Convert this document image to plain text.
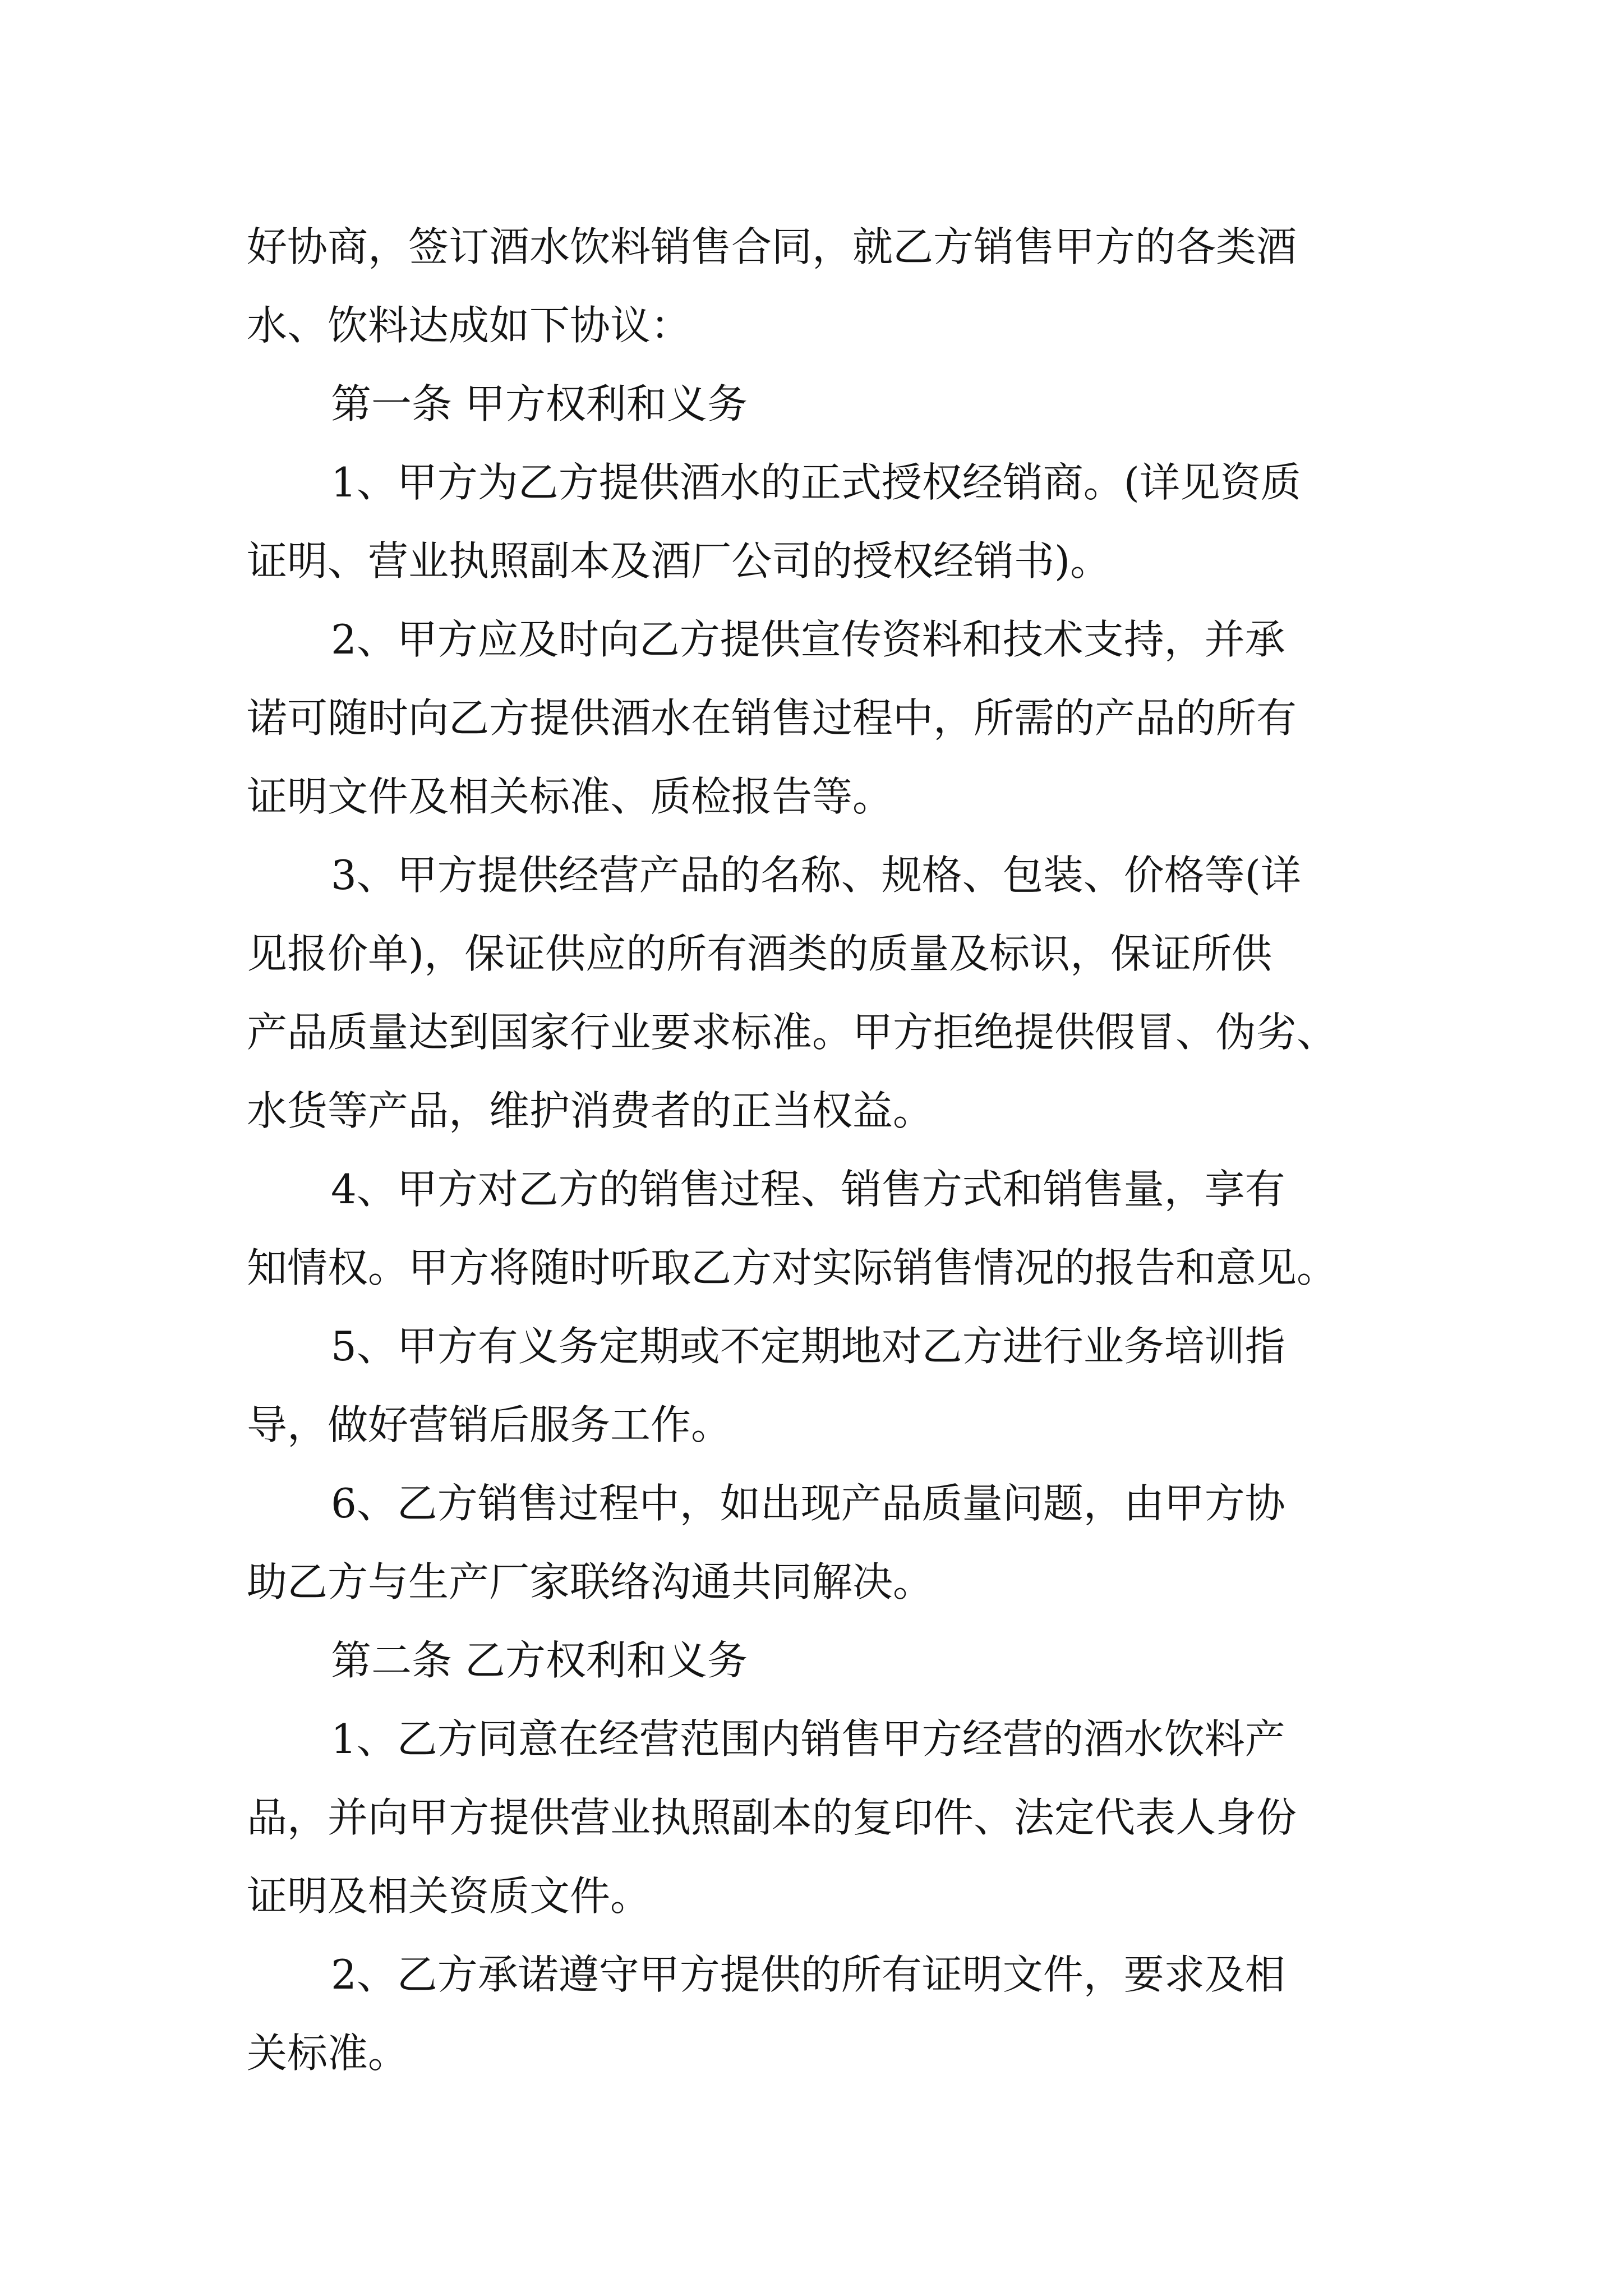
好协商，签订酒水饮料销售合同，就乙方销售甲方的各类酒
水、饮料达成如下协议：
第一条 甲方权利和义务
1、甲方为乙方提供酒水的正式授权经销商。(详见资质
证明、营业执照副本及酒厂公司的授权经销书)。
2、甲方应及时向乙方提供宣传资料和技术支持，并承
诺可随时向乙方提供酒水在销售过程中，所需的产品的所有
证明文件及相关标准、质检报告等。
3、甲方提供经营产品的名称、规格、包装、价格等(详
见报价单)，保证供应的所有酒类的质量及标识，保证所供
产品质量达到国家行业要求标准。甲方拒绝提供假冒、伪劣、
水货等产品，维护消费者的正当权益。
4、甲方对乙方的销售过程、销售方式和销售量，享有
知情权。甲方将随时听取乙方对实际销售情况的报告和意见。
5、甲方有义务定期或不定期地对乙方进行业务培训指
导，做好营销后服务工作。
6、乙方销售过程中，如出现产品质量问题，由甲方协
助乙方与生产厂家联络沟通共同解决。
第二条 乙方权利和义务
1、乙方同意在经营范围内销售甲方经营的酒水饮料产
品，并向甲方提供营业执照副本的复印件、法定代表人身份
证明及相关资质文件。
2、乙方承诺遵守甲方提供的所有证明文件，要求及相
关标准。
